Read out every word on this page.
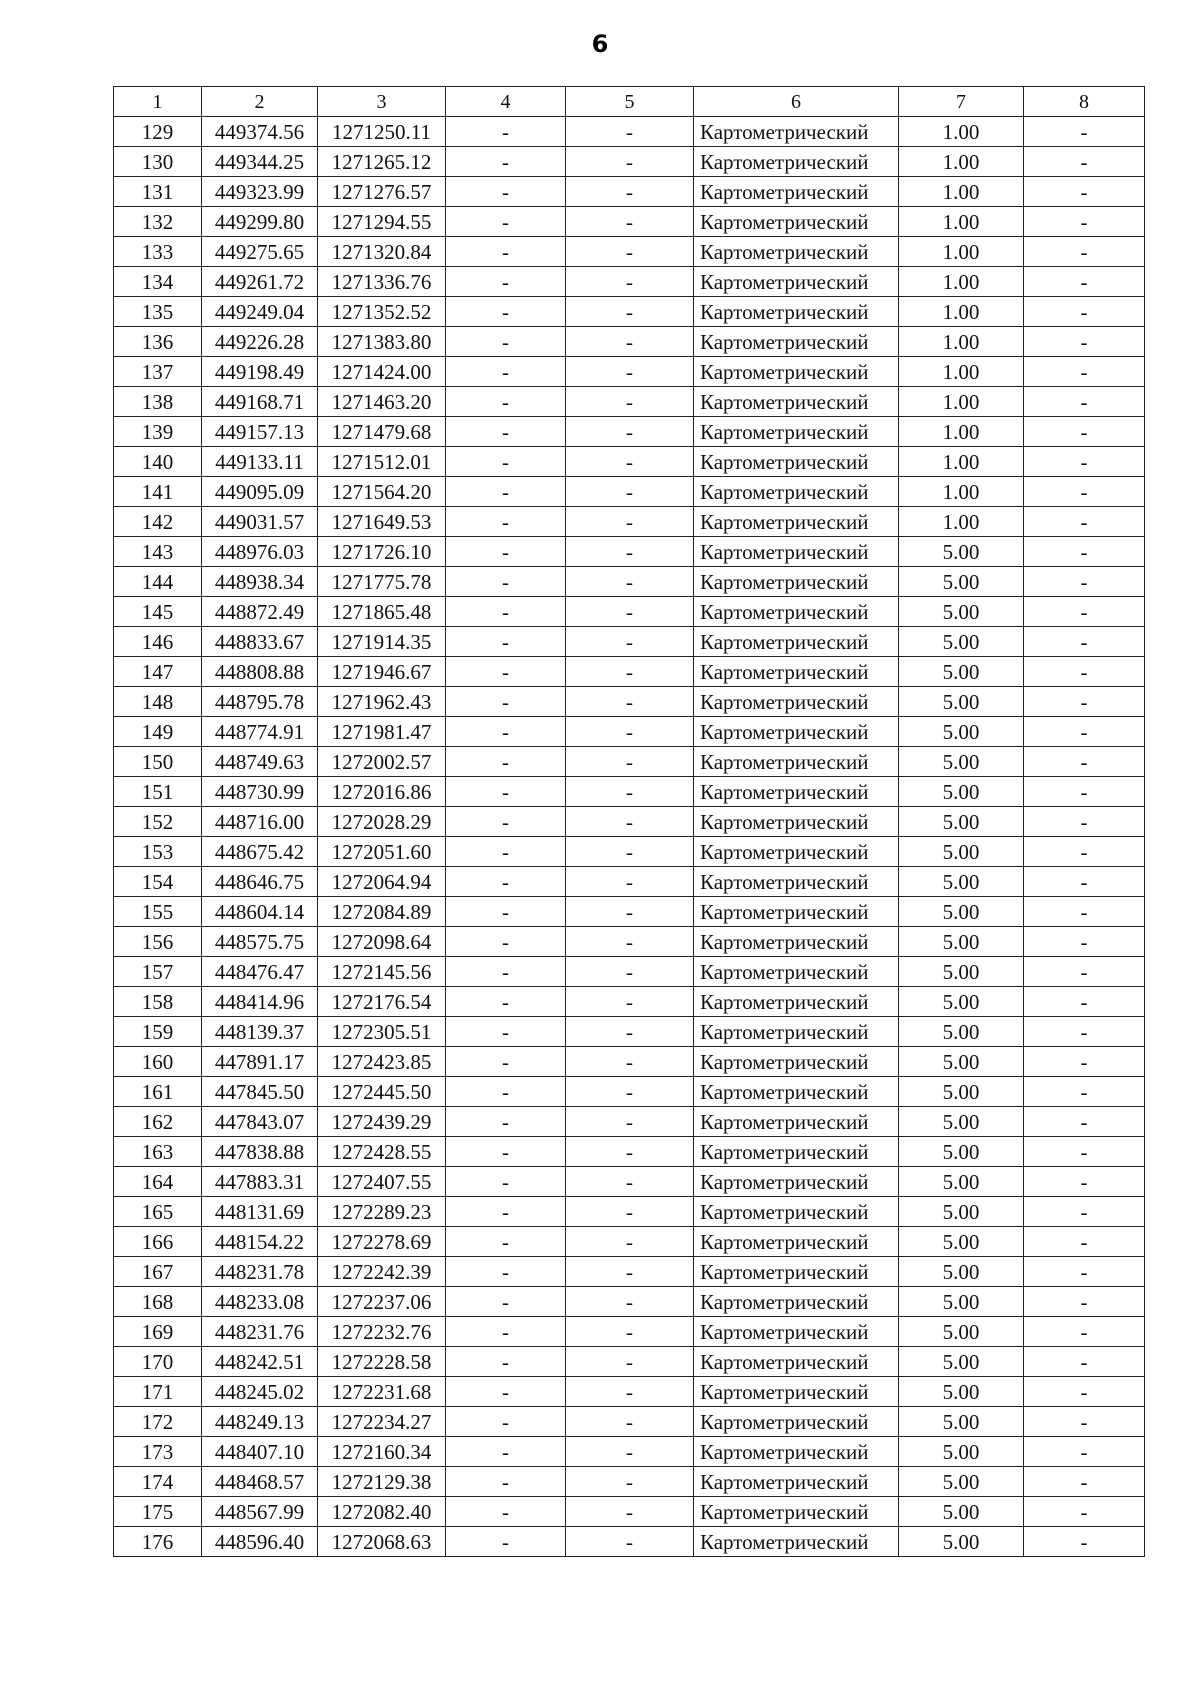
6
1	2	3	4	5	6	7	8
129	449374.56	1271250.11	-	-	Картометрический	1.00	-
130	449344.25	1271265.12	-	-	Картометрический	1.00	-
131	449323.99	1271276.57	-	-	Картометрический	1.00	-
132	449299.80	1271294.55	-	-	Картометрический	1.00	-
133	449275.65	1271320.84	-	-	Картометрический	1.00	-
134	449261.72	1271336.76	-	-	Картометрический	1.00	-
135	449249.04	1271352.52	-	-	Картометрический	1.00	-
136	449226.28	1271383.80	-	-	Картометрический	1.00	-
137	449198.49	1271424.00	-	-	Картометрический	1.00	-
138	449168.71	1271463.20	-	-	Картометрический	1.00	-
139	449157.13	1271479.68	-	-	Картометрический	1.00	-
140	449133.11	1271512.01	-	-	Картометрический	1.00	-
141	449095.09	1271564.20	-	-	Картометрический	1.00	-
142	449031.57	1271649.53	-	-	Картометрический	1.00	-
143	448976.03	1271726.10	-	-	Картометрический	5.00	-
144	448938.34	1271775.78	-	-	Картометрический	5.00	-
145	448872.49	1271865.48	-	-	Картометрический	5.00	-
146	448833.67	1271914.35	-	-	Картометрический	5.00	-
147	448808.88	1271946.67	-	-	Картометрический	5.00	-
148	448795.78	1271962.43	-	-	Картометрический	5.00	-
149	448774.91	1271981.47	-	-	Картометрический	5.00	-
150	448749.63	1272002.57	-	-	Картометрический	5.00	-
151	448730.99	1272016.86	-	-	Картометрический	5.00	-
152	448716.00	1272028.29	-	-	Картометрический	5.00	-
153	448675.42	1272051.60	-	-	Картометрический	5.00	-
154	448646.75	1272064.94	-	-	Картометрический	5.00	-
155	448604.14	1272084.89	-	-	Картометрический	5.00	-
156	448575.75	1272098.64	-	-	Картометрический	5.00	-
157	448476.47	1272145.56	-	-	Картометрический	5.00	-
158	448414.96	1272176.54	-	-	Картометрический	5.00	-
159	448139.37	1272305.51	-	-	Картометрический	5.00	-
160	447891.17	1272423.85	-	-	Картометрический	5.00	-
161	447845.50	1272445.50	-	-	Картометрический	5.00	-
162	447843.07	1272439.29	-	-	Картометрический	5.00	-
163	447838.88	1272428.55	-	-	Картометрический	5.00	-
164	447883.31	1272407.55	-	-	Картометрический	5.00	-
165	448131.69	1272289.23	-	-	Картометрический	5.00	-
166	448154.22	1272278.69	-	-	Картометрический	5.00	-
167	448231.78	1272242.39	-	-	Картометрический	5.00	-
168	448233.08	1272237.06	-	-	Картометрический	5.00	-
169	448231.76	1272232.76	-	-	Картометрический	5.00	-
170	448242.51	1272228.58	-	-	Картометрический	5.00	-
171	448245.02	1272231.68	-	-	Картометрический	5.00	-
172	448249.13	1272234.27	-	-	Картометрический	5.00	-
173	448407.10	1272160.34	-	-	Картометрический	5.00	-
174	448468.57	1272129.38	-	-	Картометрический	5.00	-
175	448567.99	1272082.40	-	-	Картометрический	5.00	-
176	448596.40	1272068.63	-	-	Картометрический	5.00	-
